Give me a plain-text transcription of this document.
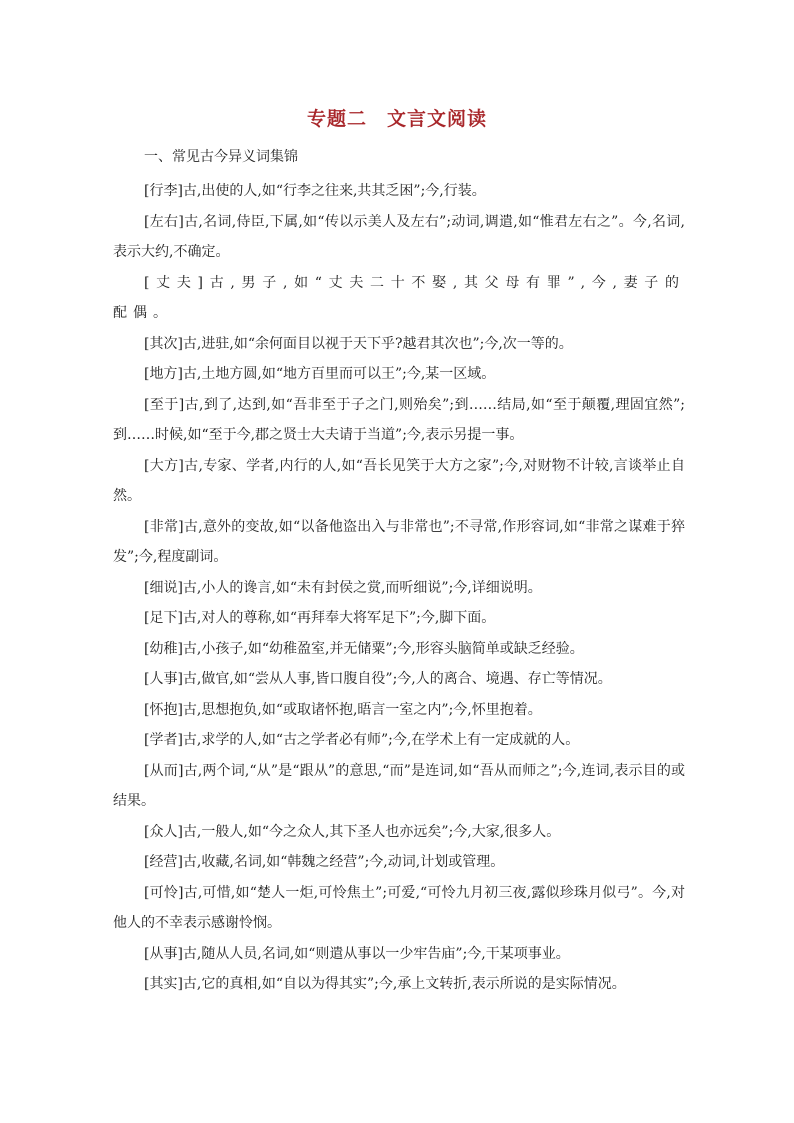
专题二　文言文阅读
一、常见古今异义词集锦

[行李]古,出使的人,如“行李之往来,共其乏困”;今,行装。

[左右]古,名词,侍臣,下属,如“传以示美人及左右”;动词,调遣,如“惟君左右之”。今,名词,表示大约,不确定。

[丈夫]古,男子,如“丈夫二十不娶,其父母有罪”,今,妻子的配偶。

[其次]古,进驻,如“余何面目以视于天下乎?越君其次也”;今,次一等的。

[地方]古,土地方圆,如“地方百里而可以王”;今,某一区域。

[至于]古,到了,达到,如“吾非至于子之门,则殆矣”;到……结局,如“至于颠覆,理固宜然”;到……时候,如“至于今,郡之贤士大夫请于当道”;今,表示另提一事。

[大方]古,专家、学者,内行的人,如“吾长见笑于大方之家”;今,对财物不计较,言谈举止自然。

[非常]古,意外的变故,如“以备他盗出入与非常也”;不寻常,作形容词,如“非常之谋难于猝发”;今,程度副词。

[细说]古,小人的谗言,如“未有封侯之赏,而听细说”;今,详细说明。

[足下]古,对人的尊称,如“再拜奉大将军足下”;今,脚下面。

[幼稚]古,小孩子,如“幼稚盈室,并无储粟”;今,形容头脑简单或缺乏经验。

[人事]古,做官,如“尝从人事,皆口腹自役”;今,人的离合、境遇、存亡等情况。

[怀抱]古,思想抱负,如“或取诸怀抱,晤言一室之内”;今,怀里抱着。

[学者]古,求学的人,如“古之学者必有师”;今,在学术上有一定成就的人。

[从而]古,两个词,“从”是“跟从”的意思,“而”是连词,如“吾从而师之”;今,连词,表示目的或结果。

[众人]古,一般人,如“今之众人,其下圣人也亦远矣”;今,大家,很多人。

[经营]古,收藏,名词,如“韩魏之经营”;今,动词,计划或管理。

[可怜]古,可惜,如“楚人一炬,可怜焦土”;可爱,“可怜九月初三夜,露似珍珠月似弓”。今,对他人的不幸表示感谢怜悯。

[从事]古,随从人员,名词,如“则遣从事以一少牢告庙”;今,干某项事业。

[其实]古,它的真相,如“自以为得其实”;今,承上文转折,表示所说的是实际情况。
